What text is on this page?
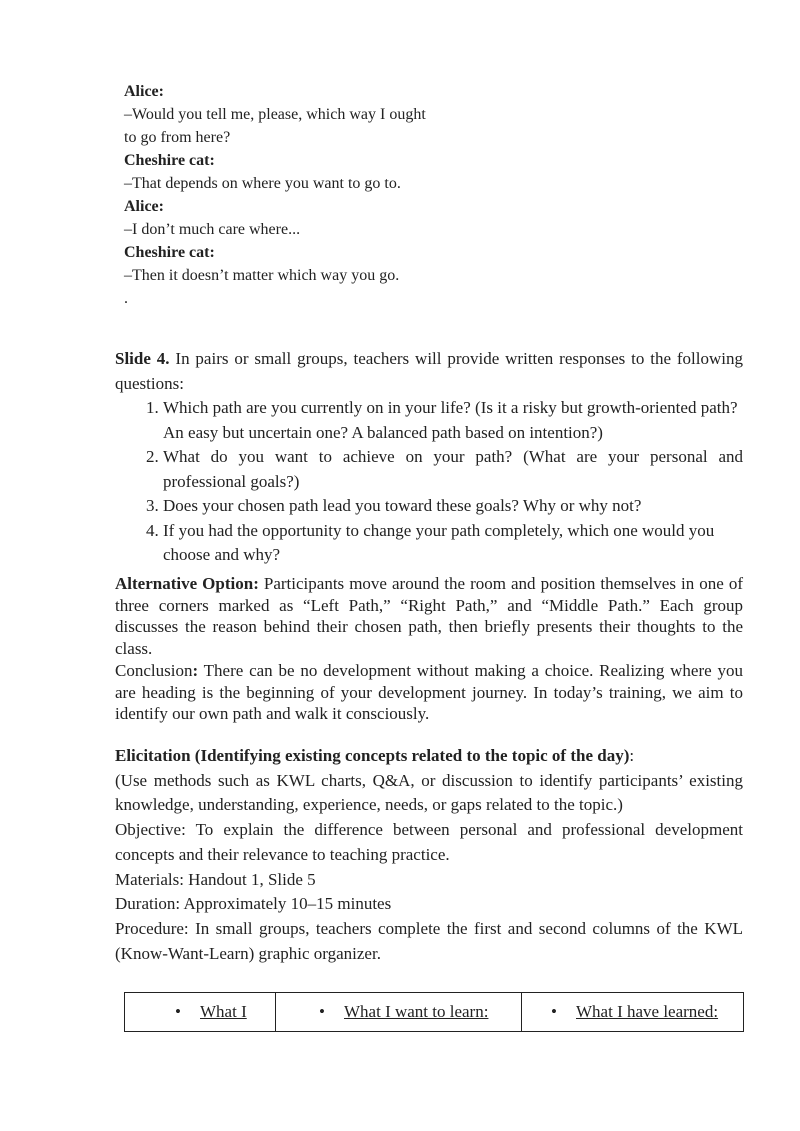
Alice:
–Would you tell me, please, which way I ought
to go from here?
Cheshire cat:
–That depends on where you want to go to.
Alice:
–I don’t much care where...
Cheshire cat:
–Then it doesn’t matter which way you go.
.
Slide 4. In pairs or small groups, teachers will provide written responses to the following questions:
1. Which path are you currently on in your life? (Is it a risky but growth-oriented path? An easy but uncertain one? A balanced path based on intention?)
2. What do you want to achieve on your path? (What are your personal and professional goals?)
3. Does your chosen path lead you toward these goals? Why or why not?
4. If you had the opportunity to change your path completely, which one would you choose and why?
Alternative Option: Participants move around the room and position themselves in one of three corners marked as “Left Path,” “Right Path,” and “Middle Path.” Each group discusses the reason behind their chosen path, then briefly presents their thoughts to the class.
Conclusion: There can be no development without making a choice. Realizing where you are heading is the beginning of your development journey. In today’s training, we aim to identify our own path and walk it consciously.
Elicitation (Identifying existing concepts related to the topic of the day):
(Use methods such as KWL charts, Q&A, or discussion to identify participants’ existing knowledge, understanding, experience, needs, or gaps related to the topic.)
Objective: To explain the difference between personal and professional development concepts and their relevance to teaching practice.
Materials: Handout 1, Slide 5
Duration: Approximately 10–15 minutes
Procedure: In small groups, teachers complete the first and second columns of the KWL (Know-Want-Learn) graphic organizer.
• What I	• What I want to learn:	• What I have learned:
